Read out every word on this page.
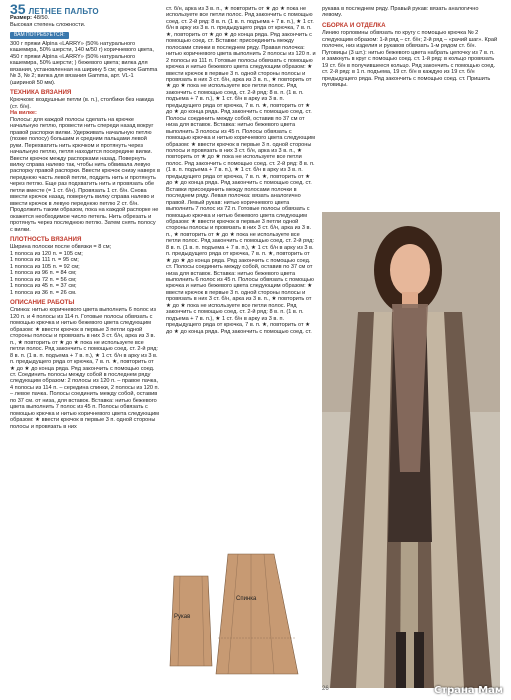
35 ЛЕТНЕЕ ПАЛЬТО

Размер: 48/50.

Высокая степень сложности.

ВАМ ПОТРЕБУЕТСЯ:

300 г пряжи Alpina «LARRY» (50% натурального кашемира, 50% шерсти, 140 м/50 г) коричневого цвета, 450 г пряжи Alpina «LARRY» (50% натурального кашемира, 50% шерсти; ) бежевого цвета; вилка для вязания, установленная на ширину 5 см; крючок Gamma № 3, № 2; вилка для вязания Gamma, арт. VL-1 (шириной 50 мм).

ТЕХНИКА ВЯЗАНИЯ

Крючком: воздушные петли (в. п.), столбики без накида (ст. б/н).

На вилке:

Полосы: для каждой полосы сделать на крючке начальную петлю, провести нить спереди назад вокруг правой распорки вилки. Удерживать начальную петлю (позже полосу) большим и средним пальцами левой руки. Перехватить нить крючком и протянуть через начальную петлю, петля находится посередине вилки. Ввести крючок между распорками назад. Повернуть вилку справа налево так, чтобы нить обвивала левую распорку правой распорки. Ввести крючок снизу наверх в переднюю часть левой петли, поддеть нить и протянуть через петлю. Еще раз подхватить нить и провязать обе петли вместе (= 1 ст. б/н). Провязать 1 ст. б/н. Снова ввести крючок назад, повернуть вилку справа налево и ввести крючок в левую переднюю петлю 2 ст. б/н. Продолжить таким образом, пока на каждой распорке не окажется необходимое число петель. Нить обрезать и протянуть через последнюю петлю. Затем снять полосу с вилки.

ПЛОТНОСТЬ ВЯЗАНИЯ

Ширина полоски после обвязки = 8 см;

1 полоса из 120 п. = 105 см;

1 полоса из 111 п. = 95 см;

1 полоса из 105 п. = 92 см;

1 полоса из 96 п. = 84 см;

1 полоса из 72 п. = 56 см;

1 полоса из 45 п. = 37 см;

1 полоса из 36 п. = 26 см.

ОПИСАНИЕ РАБОТЫ

Спинка: нитью коричневого цвета выполнить 6 полос из 120 п. и 4 полосы из 114 п. Готовые полосы обвязать с помощью крючка и нитью бежевого цвета следующим образом: ★ ввести крючок в первые 3 петли одной стороны полосы и провязать в них 3 ст. б/н, арка из 3 в. п., ★ повторить от ★ до ★ пока не используете все петли полос. Ряд закончить с помощью соед. ст. 2-й ряд: 8 в. п. (1 в. п. подъема + 7 в. п.), ★ 1 ст. б/н в арку из 3 в. п. предыдущего ряда от крючка, 7 в. п. ★, повторить от ★ до ★ до конца ряда. Ряд закончить с помощью соед. ст. Соединить полосы между собой в последнем ряду следующим образом: 2 полосы из 120 п. – правое пачка, 4 полосы из 114 п. – середина спинки, 2 полосы из 120 п. – левое пачка. Полосы соединить между собой, оставив по 37 см. от низа, для вставок. Вставка: нитью бежевого цвета выполнить 7 полос из 45 п. Полосы обвязать с помощью крючка и нитью коричневого цвета следующим образом: ★ ввести крючок в первые 3 п. одной стороны полосы и провязать в них

ст. б/н, арка из 3 в. п., ★ повторить от ★ до ★ пока не используете все петли полос. Ряд закончить с помощью соед. ст. 2-й ряд: 8 в. п. (1 в. п. подъема + 7 в. п.), ★ 1 ст. б/н в арку из 3 в. п. предыдущего ряда от крючка, 7 в. п. ★, повторить от ★ до ★ до конца ряда. Ряд закончить с помощью соед. ст. Вставки: присоединить между полосами спинки в последнем ряду. Правая полочка: нитью коричневого цвета выполнить 2 полосы из 120 п. и 2 полосы из 111 п. Готовые полосы обвязать с помощью крючка и нитью бежевого цвета следующим образом: ★ ввести крючок в первые 3 п. одной стороны полосы и провязать в них 3 ст. б/н, арка из 3 в. п., ★ повторить от ★ до ★ пока не используете все петли полос. Ряд закончить с помощью соед. ст. 2-й ряд: 8 в. п. (1 в. п. подъема + 7 в. п.), ★ 1 ст. б/н в арку из 3 в. п. предыдущего ряда от крючка, 7 в. п. ★, повторить от ★ до ★ до конца ряда. Ряд закончить с помощью соед. ст. Полосы соединить между собой, оставив по 37 см от низа для вставок. Вставка: нитью бежевого цвета выполнить 3 полосы из 45 п. Полосы обвязать с помощью крючка и нитью коричневого цвета следующим образом: ★ ввести крючок в первые 3 п. одной стороны полосы и провязать в них 3 ст. б/н, арка из 3 в. п., ★ повторить от ★ до ★ пока не используете все петли полос. Ряд закончить с помощью соед. ст. 2-й ряд: 8 в. п. (1 в. п. подъема + 7 в. п.), ★ 1 ст. б/н в арку из 3 в. п. предыдущего ряда от крючка, 7 в. п. ★, повторить от ★ до ★ до конца ряда. Ряд закончить с помощью соед. ст. Вставки присоединить между полосами полочки в последнем ряду. Левая полочка: вязать аналогично правой. Левый рукав: нитью коричневого цвета выполнить 7 полос из 72 п. Готовые полосы обвязать с помощью крючка и нитью бежевого цвета следующим образом: ★ ввести крючок в первые 3 петли одной стороны полосы и провязать в них 3 ст. б/н, арка из 3 в. п., ★ повторить от ★ до ★ пока не используете все петли полос. Ряд закончить с помощью соед. ст. 2-й ряд: 8 в. п. (1 в. п. подъема + 7 в. п.), ★ 1 ст. б/н в арку из 3 в. п. предыдущего ряда от крючка, 7 в. п. ★, повторить от ★ до ★ до конца ряда. Ряд закончить с помощью соед. ст. Полосы соединить между собой, оставив по 37 см от низа для вставок. Вставка: нитью бежевого цвета выполнить 6 полос из 45 п. Полосы обвязать с помощью крючка и нитью бежевого цвета следующим образом: ★ ввести крючок в первые 3 п. одной стороны полосы и провязать в них 3 ст. б/н, арка из 3 в. п., ★ повторить от ★ до ★ пока не используете все петли полос. Ряд закончить с помощью соед. ст. 2-й ряд: 8 в. п. (1 в. п. подъема + 7 в. п.), ★ 1 ст. б/н в арку из 3 в. п. предыдущего ряда от крючка, 7 в. п. ★, повторить от ★ до ★ до конца ряда. Ряд закончить с помощью соед. ст.

Рукав
Спинка

рукава в последнем ряду. Правый рукав: вязать аналогично левому.

СБОРКА И ОТДЕЛКА

Линию горловины обвязать по кругу с помощью крючка № 2 следующим образом: 1-й ряд – ст. б/н; 2-й ряд – «рачий шаг». Край полочек, низ изделия и рукавов обвязать 1-м рядом ст. б/н. Пуговицы (3 шт.): нитью бежевого цвета набрать цепочку из 7 в. п. и замкнуть в круг с помощью соед. ст. 1-й ряд: в кольцо провязать 19 ст. б/н в получившееся кольцо. Ряд закончить с помощью соед. ст. 2-й ряд: в 1 п. подъема, 19 ст. б/н в каждую из 19 ст. б/н предыдущего ряда. Ряд закончить с помощью соед. ст. Пришить пуговицы.

Страна Мам
26
